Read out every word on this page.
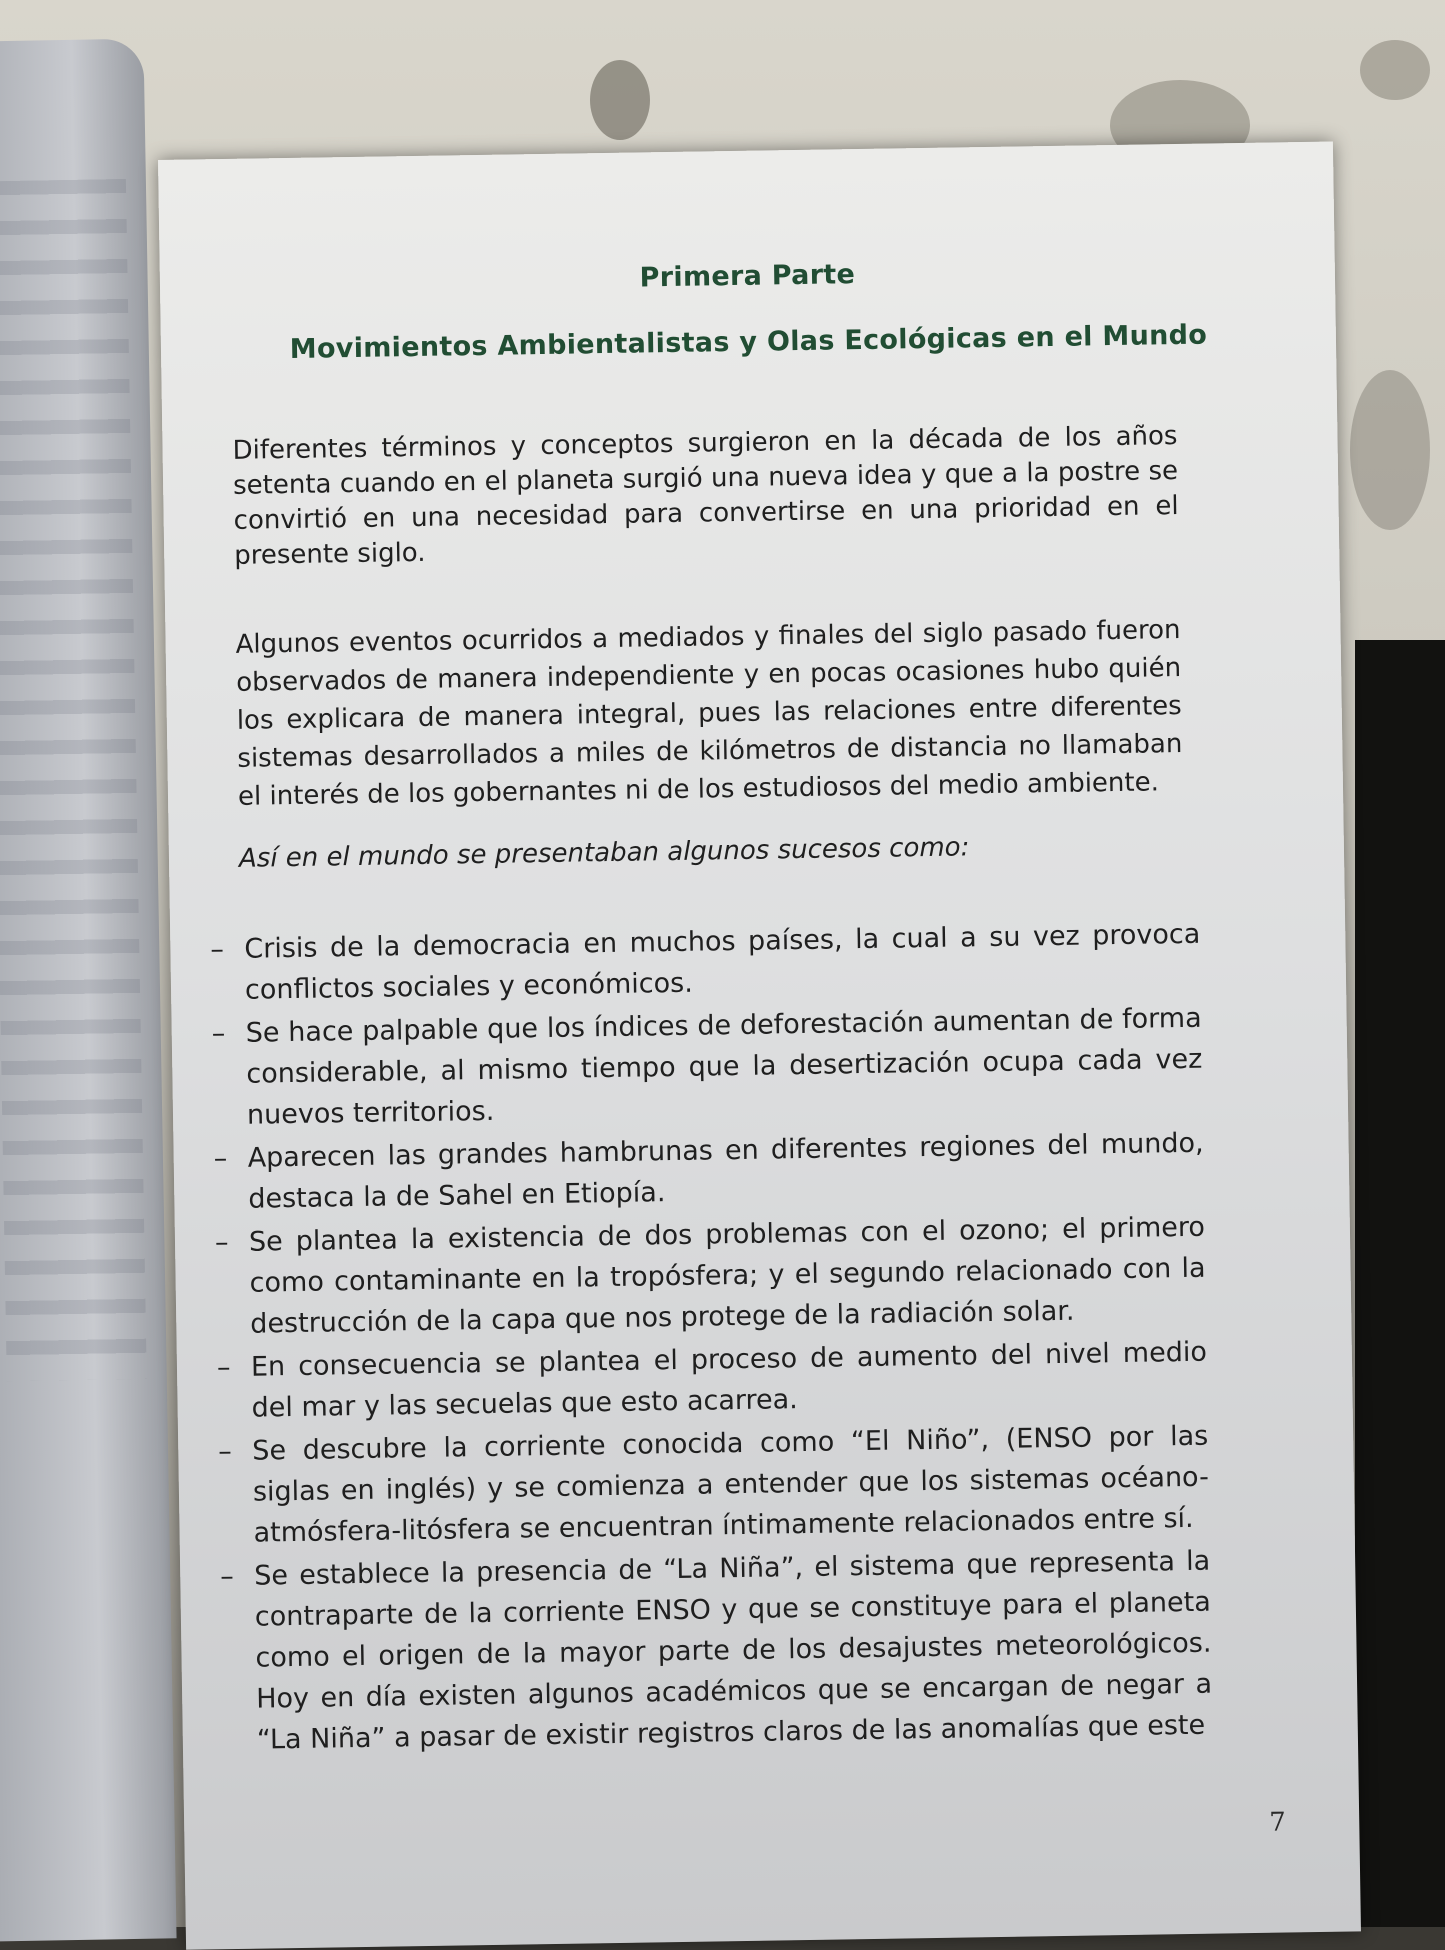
Primera Parte
Movimientos Ambientalistas y Olas Ecológicas en el Mundo
Diferentes términos y conceptos surgieron en la década de los años setenta cuando en el planeta surgió una nueva idea y que a la postre se convirtió en una necesidad para convertirse en una prioridad en el presente siglo.
Algunos eventos ocurridos a mediados y finales del siglo pasado fueron observados de manera independiente y en pocas ocasiones hubo quién los explicara de manera integral, pues las relaciones entre diferentes sistemas desarrollados a miles de kilómetros de distancia no llamaban el interés de los gobernantes ni de los estudiosos del medio ambiente.
Así en el mundo se presentaban algunos sucesos como:
– Crisis de la democracia en muchos países, la cual a su vez provoca conflictos sociales y económicos.
– Se hace palpable que los índices de deforestación aumentan de forma considerable, al mismo tiempo que la desertización ocupa cada vez nuevos territorios.
– Aparecen las grandes hambrunas en diferentes regiones del mundo, destaca la de Sahel en Etiopía.
– Se plantea la existencia de dos problemas con el ozono; el primero como contaminante en la tropósfera; y el segundo relacionado con la destrucción de la capa que nos protege de la radiación solar.
– En consecuencia se plantea el proceso de aumento del nivel medio del mar y las secuelas que esto acarrea.
– Se descubre la corriente conocida como “El Niño”, (ENSO por las siglas en inglés) y se comienza a entender que los sistemas océano-atmósfera-litósfera se encuentran íntimamente relacionados entre sí.
– Se establece la presencia de “La Niña”, el sistema que representa la contraparte de la corriente ENSO y que se constituye para el planeta como el origen de la mayor parte de los desajustes meteorológicos. Hoy en día existen algunos académicos que se encargan de negar a “La Niña” a pasar de existir registros claros de las anomalías que este
7
